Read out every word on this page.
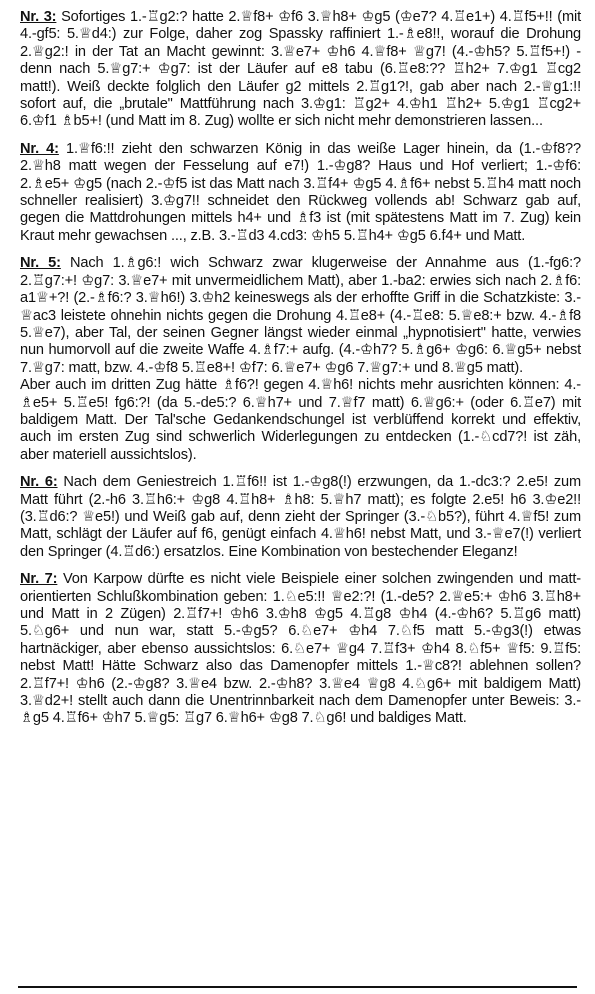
Nr. 3: Sofortiges 1.-♖g2:? hatte 2.♕f8+ ♔f6 3.♕h8+ ♔g5 (♔e7? 4.♖e1+) 4.♖f5+!! (mit 4.-gf5: 5.♕d4:) zur Folge, daher zog Spassky raffiniert 1.-♗e8!!, worauf die Drohung 2.♕g2:! in der Tat an Macht gewinnt: 3.♕e7+ ♔h6 4.♕f8+ ♕g7! (4.-♔h5? 5.♖f5+!) - denn nach 5.♕g7:+ ♔g7: ist der Läufer auf e8 tabu (6.♖e8:?? ♖h2+ 7.♔g1 ♖cg2 matt!). Weiß deckte folglich den Läufer g2 mittels 2.♖g1?!, gab aber nach 2.-♕g1:!! sofort auf, die „brutale" Mattführung nach 3.♔g1: ♖g2+ 4.♔h1 ♖h2+ 5.♔g1 ♖cg2+ 6.♔f1 ♗b5+! (und Matt im 8. Zug) wollte er sich nicht mehr demonstrieren lassen...

Nr. 4: 1.♕f6:!! zieht den schwarzen König in das weiße Lager hinein, da (1.-♔f8?? 2.♕h8 matt wegen der Fesselung auf e7!) 1.-♔g8? Haus und Hof verliert; 1.-♔f6: 2.♗e5+ ♔g5 (nach 2.-♔f5 ist das Matt nach 3.♖f4+ ♔g5 4.♗f6+ nebst 5.♖h4 matt noch schneller realisiert) 3.♔g7!! schneidet den Rückweg vollends ab! Schwarz gab auf, gegen die Mattdrohungen mittels h4+ und ♗f3 ist (mit spätestens Matt im 7. Zug) kein Kraut mehr gewachsen ..., z.B. 3.-♖d3 4.cd3: ♔h5 5.♖h4+ ♔g5 6.f4+ und Matt.

Nr. 5: Nach 1.♗g6:! wich Schwarz zwar klugerweise der Annahme aus (1.-fg6:? 2.♖g7:+! ♔g7: 3.♕e7+ mit unvermeidlichem Matt), aber 1.-ba2: erwies sich nach 2.♗f6: a1♕+?! (2.-♗f6:? 3.♕h6!) 3.♔h2 keineswegs als der erhoffte Griff in die Schatzkiste: 3.-♕ac3 leistete ohnehin nichts gegen die Drohung 4.♖e8+ (4.-♖e8: 5.♕e8:+ bzw. 4.-♗f8 5.♕e7), aber Tal, der seinen Gegner längst wieder einmal „hypnotisiert" hatte, verwies nun humorvoll auf die zweite Waffe 4.♗f7:+ aufg. (4.-♔h7? 5.♗g6+ ♔g6: 6.♕g5+ nebst 7.♕g7: matt, bzw. 4.-♔f8 5.♖e8+! ♔f7: 6.♕e7+ ♔g6 7.♕g7:+ und 8.♕g5 matt).

Aber auch im dritten Zug hätte ♗f6?! gegen 4.♕h6! nichts mehr ausrichten können: 4.-♗e5+ 5.♖e5! fg6:?! (da 5.-de5:? 6.♕h7+ und 7.♕f7 matt) 6.♕g6:+ (oder 6.♖e7) mit baldigem Matt. Der Tal'sche Gedankendschungel ist verblüffend korrekt und effektiv, auch im ersten Zug sind schwerlich Widerlegungen zu entdecken (1.-♘cd7?! ist zäh, aber materiell aussichtslos).

Nr. 6: Nach dem Geniestreich 1.♖f6!! ist 1.-♔g8(!) erzwungen, da 1.-dc3:? 2.e5! zum Matt führt (2.-h6 3.♖h6:+ ♔g8 4.♖h8+ ♗h8: 5.♕h7 matt); es folgte 2.e5! h6 3.♔e2!! (3.♖d6:? ♕e5!) und Weiß gab auf, denn zieht der Springer (3.-♘b5?), führt 4.♕f5! zum Matt, schlägt der Läufer auf f6, genügt einfach 4.♕h6! nebst Matt, und 3.-♕e7(!) verliert den Springer (4.♖d6:) ersatzlos. Eine Kombination von bestechender Eleganz!

Nr. 7: Von Karpow dürfte es nicht viele Beispiele einer solchen zwingenden und matt-orientierten Schlußkombination geben: 1.♘e5:!! ♕e2:?! (1.-de5? 2.♕e5:+ ♔h6 3.♖h8+ und Matt in 2 Zügen) 2.♖f7+! ♔h6 3.♔h8 ♔g5 4.♖g8 ♔h4 (4.-♔h6? 5.♖g6 matt) 5.♘g6+ und nun war, statt 5.-♔g5? 6.♘e7+ ♔h4 7.♘f5 matt 5.-♔g3(!) etwas hartnäckiger, aber ebenso aussichtslos: 6.♘e7+ ♕g4 7.♖f3+ ♔h4 8.♘f5+ ♕f5: 9.♖f5: nebst Matt! Hätte Schwarz also das Damenopfer mittels 1.-♕c8?! ablehnen sollen? 2.♖f7+! ♔h6 (2.-♔g8? 3.♕e4 bzw. 2.-♔h8? 3.♕e4 ♕g8 4.♘g6+ mit baldigem Matt) 3.♕d2+! stellt auch dann die Unentrinnbarkeit nach dem Damenopfer unter Beweis: 3.-♗g5 4.♖f6+ ♔h7 5.♕g5: ♖g7 6.♕h6+ ♔g8 7.♘g6! und baldiges Matt.
